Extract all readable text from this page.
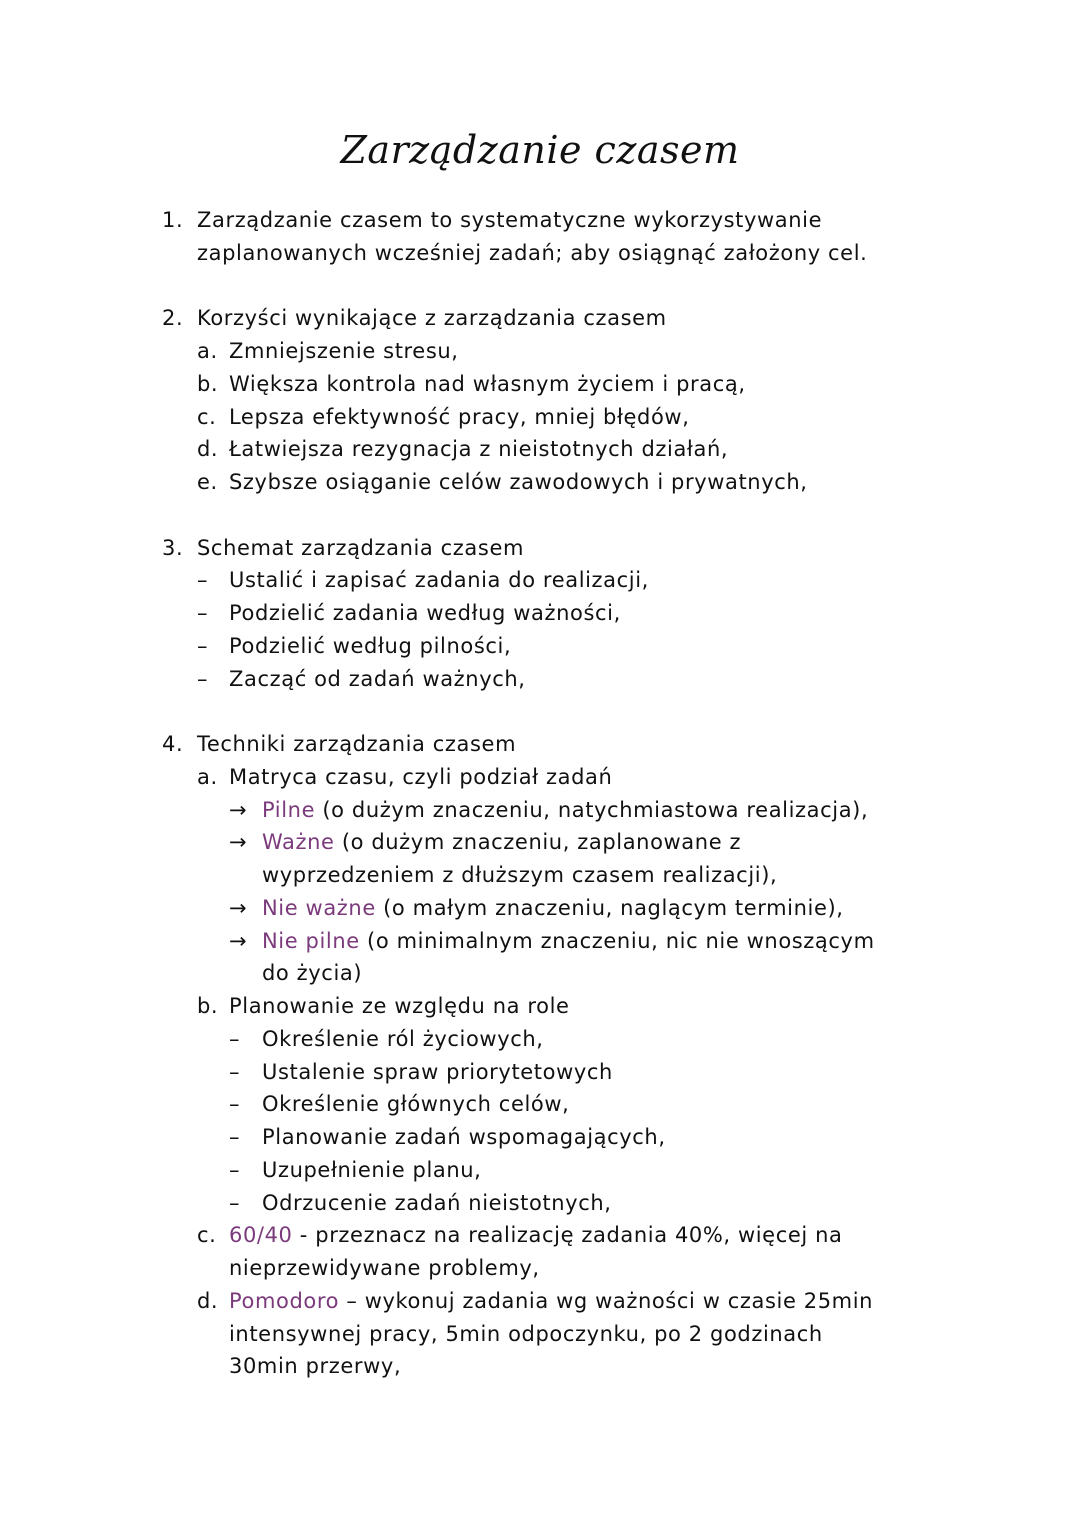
Zarządzanie czasem
1. Zarządzanie czasem to systematyczne wykorzystywanie
zaplanowanych wcześniej zadań; aby osiągnąć założony cel.
2. Korzyści wynikające z zarządzania czasem
a. Zmniejszenie stresu,
b. Większa kontrola nad własnym życiem i pracą,
c. Lepsza efektywność pracy, mniej błędów,
d. Łatwiejsza rezygnacja z nieistotnych działań,
e. Szybsze osiąganie celów zawodowych i prywatnych,
3. Schemat zarządzania czasem
– Ustalić i zapisać zadania do realizacji,
– Podzielić zadania według ważności,
– Podzielić według pilności,
– Zacząć od zadań ważnych,
4. Techniki zarządzania czasem
a. Matryca czasu, czyli podział zadań
→ Pilne (o dużym znaczeniu, natychmiastowa realizacja),
→ Ważne (o dużym znaczeniu, zaplanowane z
wyprzedzeniem z dłuższym czasem realizacji),
→ Nie ważne (o małym znaczeniu, naglącym terminie),
→ Nie pilne (o minimalnym znaczeniu, nic nie wnoszącym
do życia)
b. Planowanie ze względu na role
– Określenie ról życiowych,
– Ustalenie spraw priorytetowych
– Określenie głównych celów,
– Planowanie zadań wspomagających,
– Uzupełnienie planu,
– Odrzucenie zadań nieistotnych,
c. 60/40 - przeznacz na realizację zadania 40%, więcej na
nieprzewidywane problemy,
d. Pomodoro – wykonuj zadania wg ważności w czasie 25min
intensywnej pracy, 5min odpoczynku, po 2 godzinach
30min przerwy,
